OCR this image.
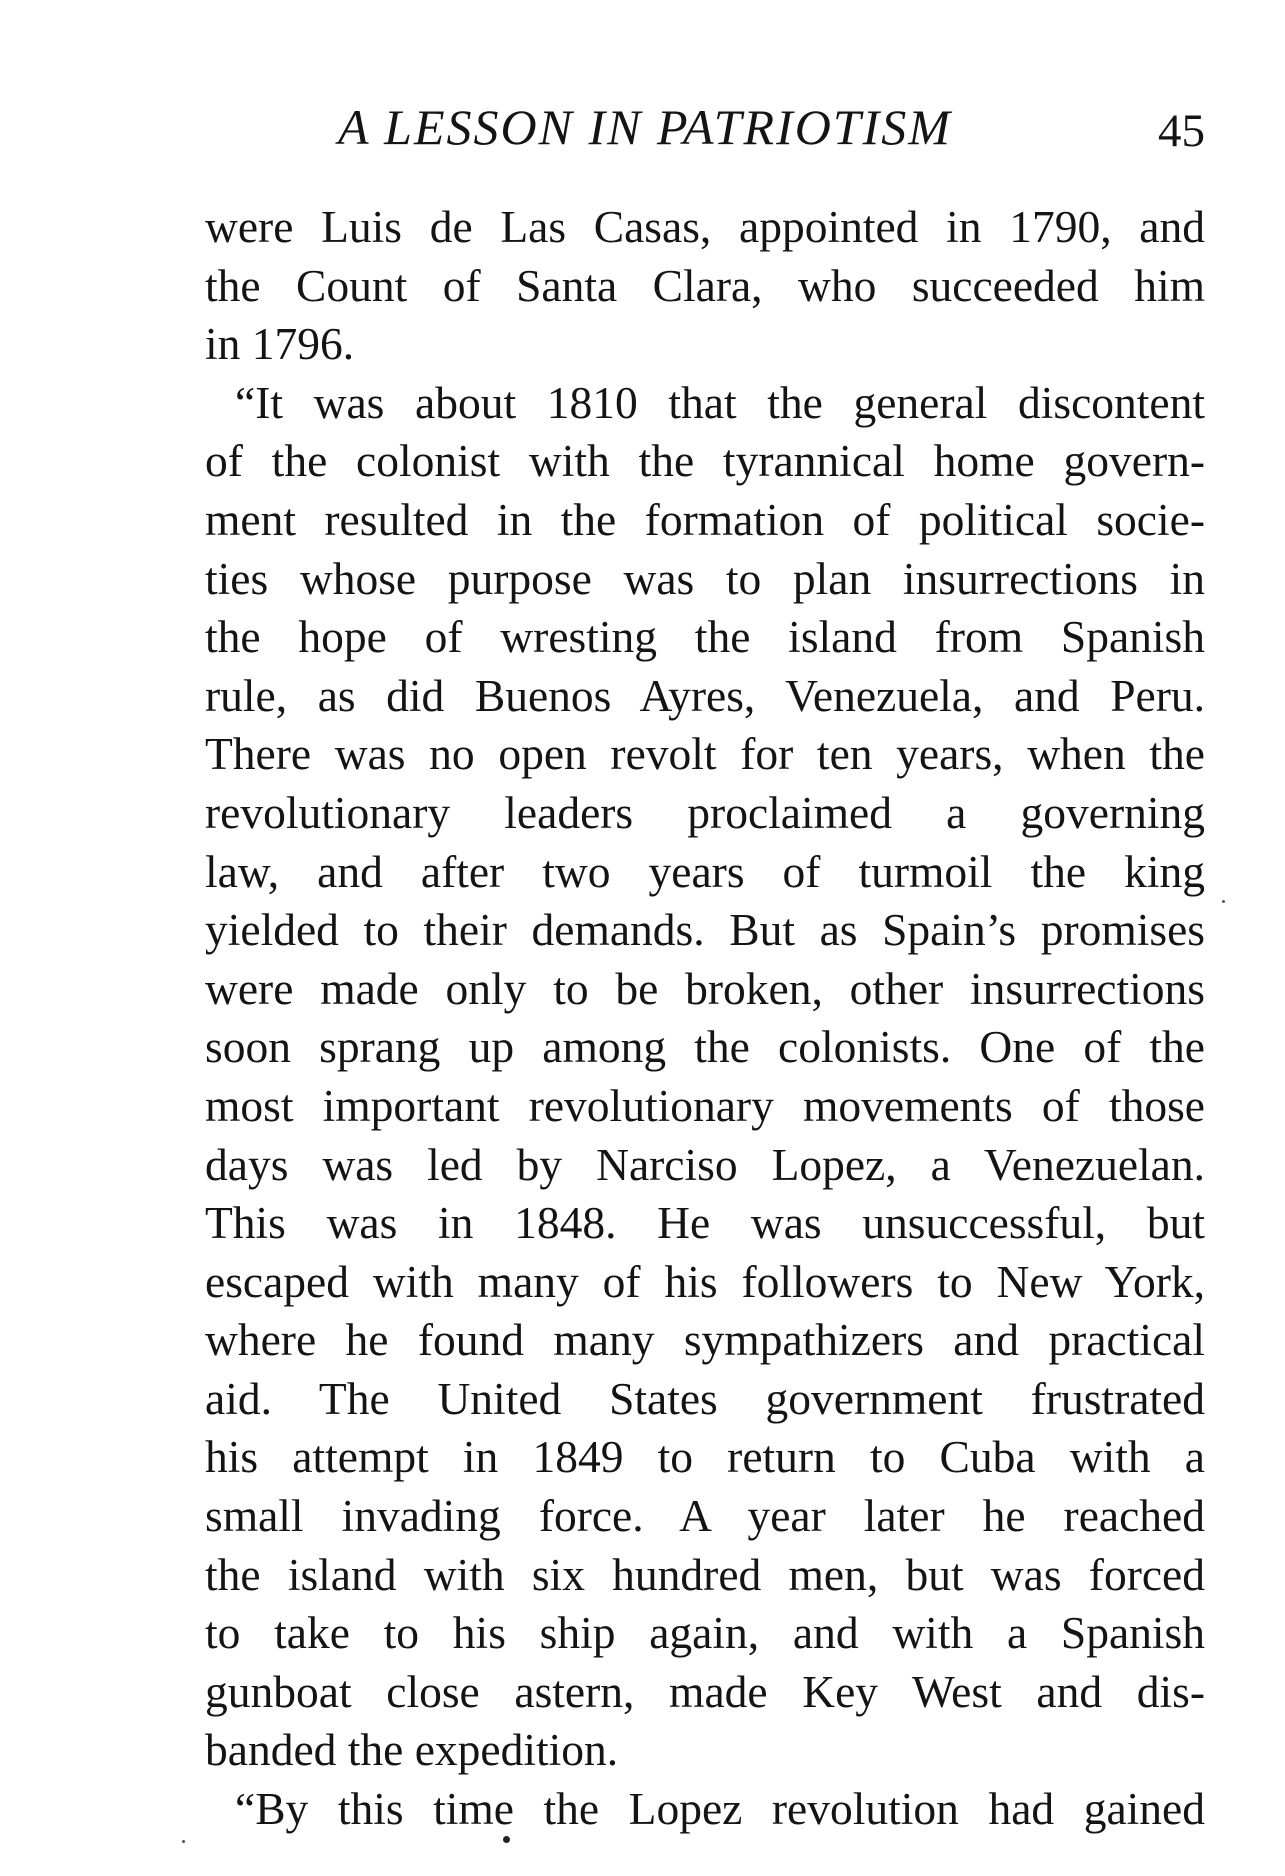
A LESSON IN PATRIOTISM	45
were Luis de Las Casas, appointed in 1790, and
the Count of Santa Clara, who succeeded him
in 1796.
“It was about 1810 that the general discontent
of the colonist with the tyrannical home govern-
ment resulted in the formation of political socie-
ties whose purpose was to plan insurrections in
the hope of wresting the island from Spanish
rule, as did Buenos Ayres, Venezuela, and Peru.
There was no open revolt for ten years, when the
revolutionary leaders proclaimed a governing
law, and after two years of turmoil the king
yielded to their demands. But as Spain’s promises
were made only to be broken, other insurrections
soon sprang up among the colonists. One of the
most important revolutionary movements of those
days was led by Narciso Lopez, a Venezuelan.
This was in 1848. He was unsuccessful, but
escaped with many of his followers to New York,
where he found many sympathizers and practical
aid. The United States government frustrated
his attempt in 1849 to return to Cuba with a
small invading force. A year later he reached
the island with six hundred men, but was forced
to take to his ship again, and with a Spanish
gunboat close astern, made Key West and dis-
banded the expedition.
“By this time the Lopez revolution had gained
